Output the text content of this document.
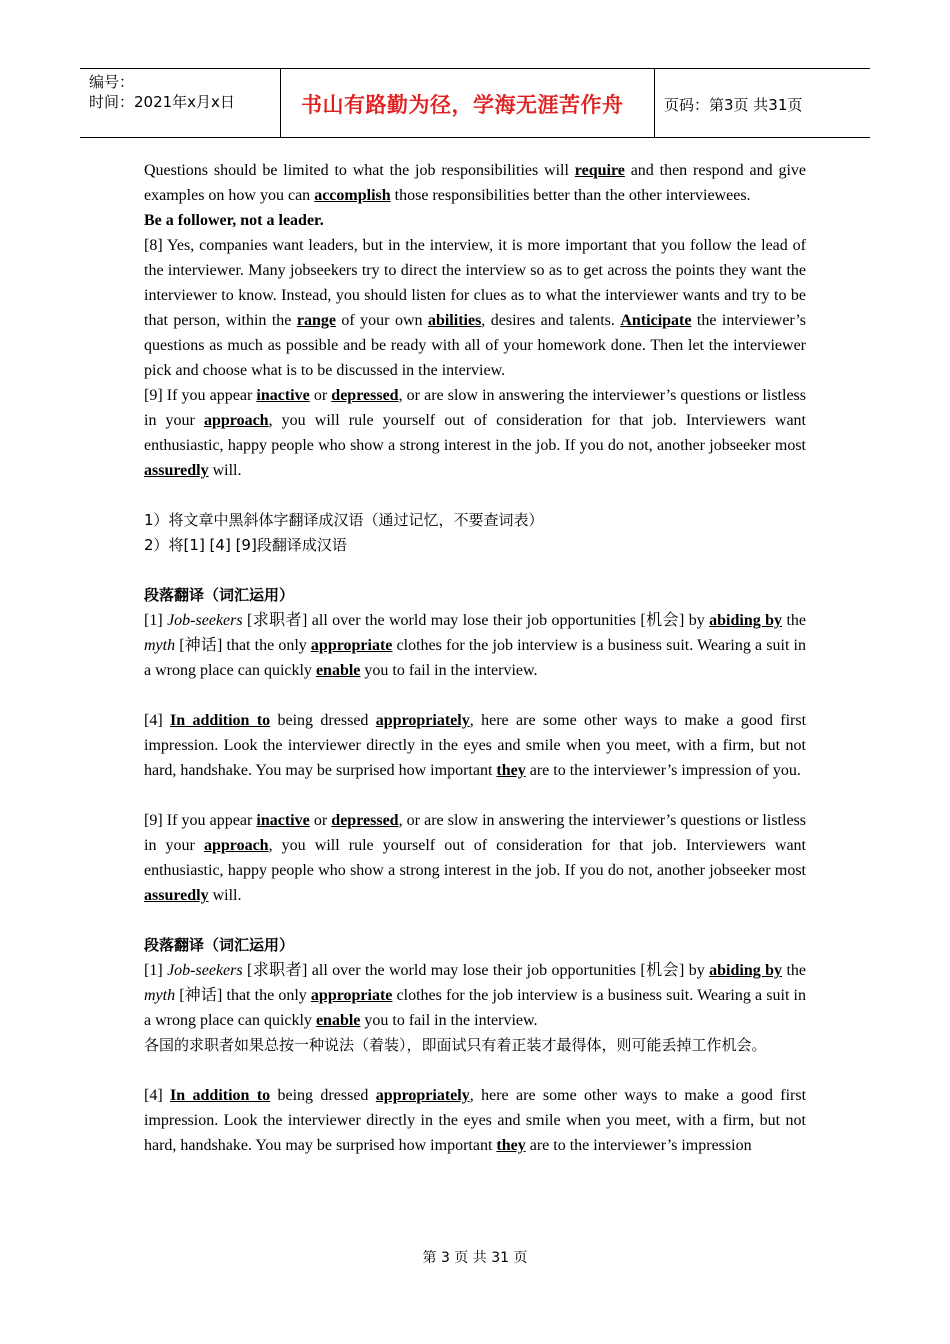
编号：
时间：2021年x月x日	书山有路勤为径，学海无涯苦作舟	页码：第3页 共31页

Questions should be limited to what the job responsibilities will require and then respond and give examples on how you can accomplish those responsibilities better than the other interviewees.

Be a follower, not a leader.

[8] Yes, companies want leaders, but in the interview, it is more important that you follow the lead of the interviewer. Many jobseekers try to direct the interview so as to get across the points they want the interviewer to know. Instead, you should listen for clues as to what the interviewer wants and try to be that person, within the range of your own abilities, desires and talents. Anticipate the interviewer’s questions as much as possible and be ready with all of your homework done. Then let the interviewer pick and choose what is to be discussed in the interview.

[9] If you appear inactive or depressed, or are slow in answering the interviewer’s questions or listless in your approach, you will rule yourself out of consideration for that job. Interviewers want enthusiastic, happy people who show a strong interest in the job. If you do not, another jobseeker most assuredly will.

1）将文章中黑斜体字翻译成汉语（通过记忆，不要查词表）

2）将[1] [4] [9]段翻译成汉语

段落翻译（词汇运用）

[1] Job-seekers [求职者] all over the world may lose their job opportunities [机会] by abiding by the myth [神话] that the only appropriate clothes for the job interview is a business suit. Wearing a suit in a wrong place can quickly enable you to fail in the interview.

[4] In addition to being dressed appropriately, here are some other ways to make a good first impression. Look the interviewer directly in the eyes and smile when you meet, with a firm, but not hard, handshake. You may be surprised how important they are to the interviewer’s impression of you.

[9] If you appear inactive or depressed, or are slow in answering the interviewer’s questions or listless in your approach, you will rule yourself out of consideration for that job. Interviewers want enthusiastic, happy people who show a strong interest in the job. If you do not, another jobseeker most assuredly will.

段落翻译（词汇运用）

[1] Job-seekers [求职者] all over the world may lose their job opportunities [机会] by abiding by the myth [神话] that the only appropriate clothes for the job interview is a business suit. Wearing a suit in a wrong place can quickly enable you to fail in the interview.

各国的求职者如果总按一种说法（着装），即面试只有着正装才最得体，则可能丢掉工作机会。

[4] In addition to being dressed appropriately, here are some other ways to make a good first impression. Look the interviewer directly in the eyes and smile when you meet, with a firm, but not hard, handshake. You may be surprised how important they are to the interviewer’s impression

第 3 页 共 31 页
